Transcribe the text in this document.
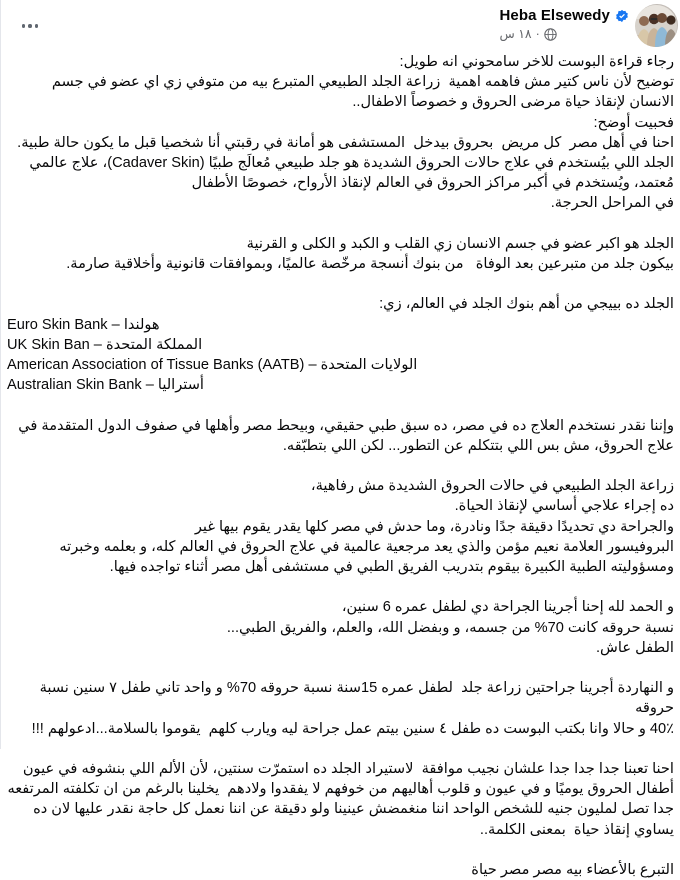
Heba Elsewedy
١٨ س ·

رجاء قراءة البوست للاخر سامحوني انه طويل:

توضيح لأن ناس كتير مش فاهمه اهمية  زراعة الجلد الطبيعي المتبرع بيه من متوفي زي اي عضو في جسم

الانسان لإنقاذ حياة مرضى الحروق و خصوصاً الاطفال..

فحبيت أوضح:

احنا في أهل مصر  كل مريض  بحروق بيدخل  المستشفى هو أمانة في رقبتي أنا شخصيا قبل ما يكون حالة طبية.

الجلد اللي بيُستخدم في علاج حالات الحروق الشديدة هو جلد طبيعي مُعالَج طبيًا (Cadaver Skin)، علاج عالمي

مُعتمد، ويُستخدم في أكبر مراكز الحروق في العالم لإنقاذ الأرواح، خصوصًا الأطفال

في المراحل الحرجة.

الجلد هو اكبر عضو في جسم الانسان زي القلب و الكبد و الكلى و القرنية

بيكون جلد من متبرعين بعد الوفاة   من بنوك أنسجة مرخّصة عالميًا، وبموافقات قانونية وأخلاقية صارمة.

الجلد ده بييجي من أهم بنوك الجلد في العالم، زي:

Euro Skin Bank – هولندا
UK Skin Ban – المملكة المتحدة
American Association of Tissue Banks (AATB) – الولايات المتحدة
Australian Skin Bank – أستراليا

وإننا نقدر نستخدم العلاج ده في مصر، ده سبق طبي حقيقي، وبيحط مصر وأهلها في صفوف الدول المتقدمة في

علاج الحروق، مش بس اللي بتتكلم عن التطور... لكن اللي بتطبّقه.

زراعة الجلد الطبيعي في حالات الحروق الشديدة مش رفاهية،

ده إجراء علاجي أساسي لإنقاذ الحياة.

والجراحة دي تحديدًا دقيقة جدًا ونادرة، وما حدش في مصر كلها يقدر يقوم بيها غير

البروفيسور العلامة نعيم مؤمن والذي يعد مرجعية عالمية في علاج الحروق في العالم كله، و بعلمه وخبرته

ومسؤوليته الطبية الكبيرة بيقوم بتدريب الفريق الطبي في مستشفى أهل مصر أثناء تواجده فيها.

و الحمد لله إحنا أجرينا الجراحة دي لطفل عمره 6 سنين،

نسبة حروقه كانت 70% من جسمه، و وبفضل الله، والعلم، والفريق الطبي...

الطفل عاش.

و النهاردة أجرينا جراحتين زراعة جلد  لطفل عمره 15سنة نسبة حروقه 70% و واحد تاني طفل ٧ سنين نسبة حروقه

40٪ و حالا وانا بكتب البوست ده طفل ٤ سنين بيتم عمل جراحة ليه ويارب كلهم  يقوموا بالسلامة...ادعولهم !!!

احنا تعبنا جدا جدا جدا علشان نجيب موافقة  لاستيراد الجلد ده استمرّت سنتين، لأن الألم اللي بنشوفه في عيون

أطفال الحروق يوميًا و في عيون و قلوب أهاليهم من خوفهم لا يفقدوا ولادهم  يخلينا بالرغم من ان تكلفته المرتفعه

جدا تصل لمليون جنيه للشخص الواحد اننا منغمضش عينينا ولو دقيقة عن اننا نعمل كل حاجة نقدر عليها لان ده

يساوي إنقاذ حياة  بمعنى الكلمة..

التبرع بالأعضاء بيه مصر مصر حياة
